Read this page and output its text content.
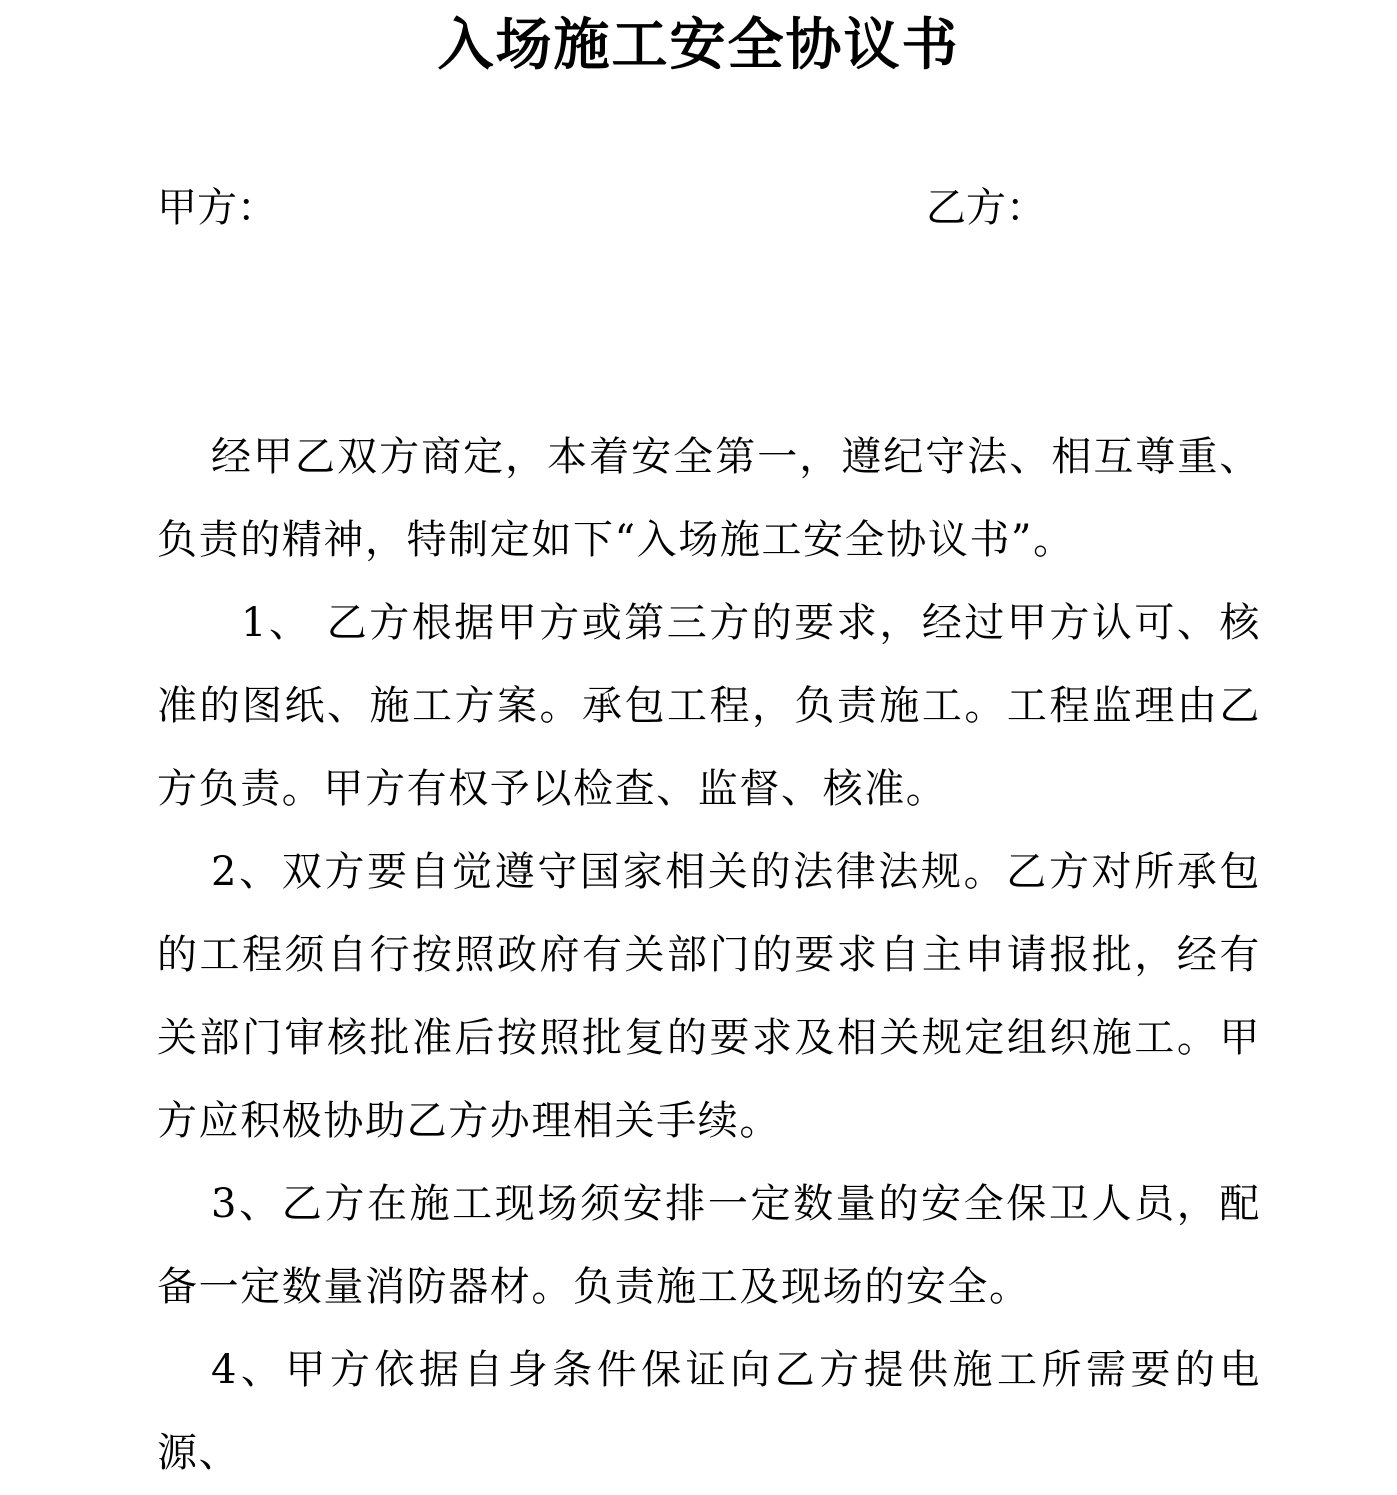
入场施工安全协议书
甲方：	乙方：

经甲乙双方商定，本着安全第一，遵纪守法、相互尊重、负责的精神，特制定如下“入场施工安全协议书”。

1、 乙方根据甲方或第三方的要求，经过甲方认可、核准的图纸、施工方案。承包工程，负责施工。工程监理由乙方负责。甲方有权予以检查、监督、核准。

2、双方要自觉遵守国家相关的法律法规。乙方对所承包的工程须自行按照政府有关部门的要求自主申请报批，经有关部门审核批准后按照批复的要求及相关规定组织施工。甲方应积极协助乙方办理相关手续。

3、乙方在施工现场须安排一定数量的安全保卫人员，配备一定数量消防器材。负责施工及现场的安全。

4、甲方依据自身条件保证向乙方提供施工所需要的电源、
